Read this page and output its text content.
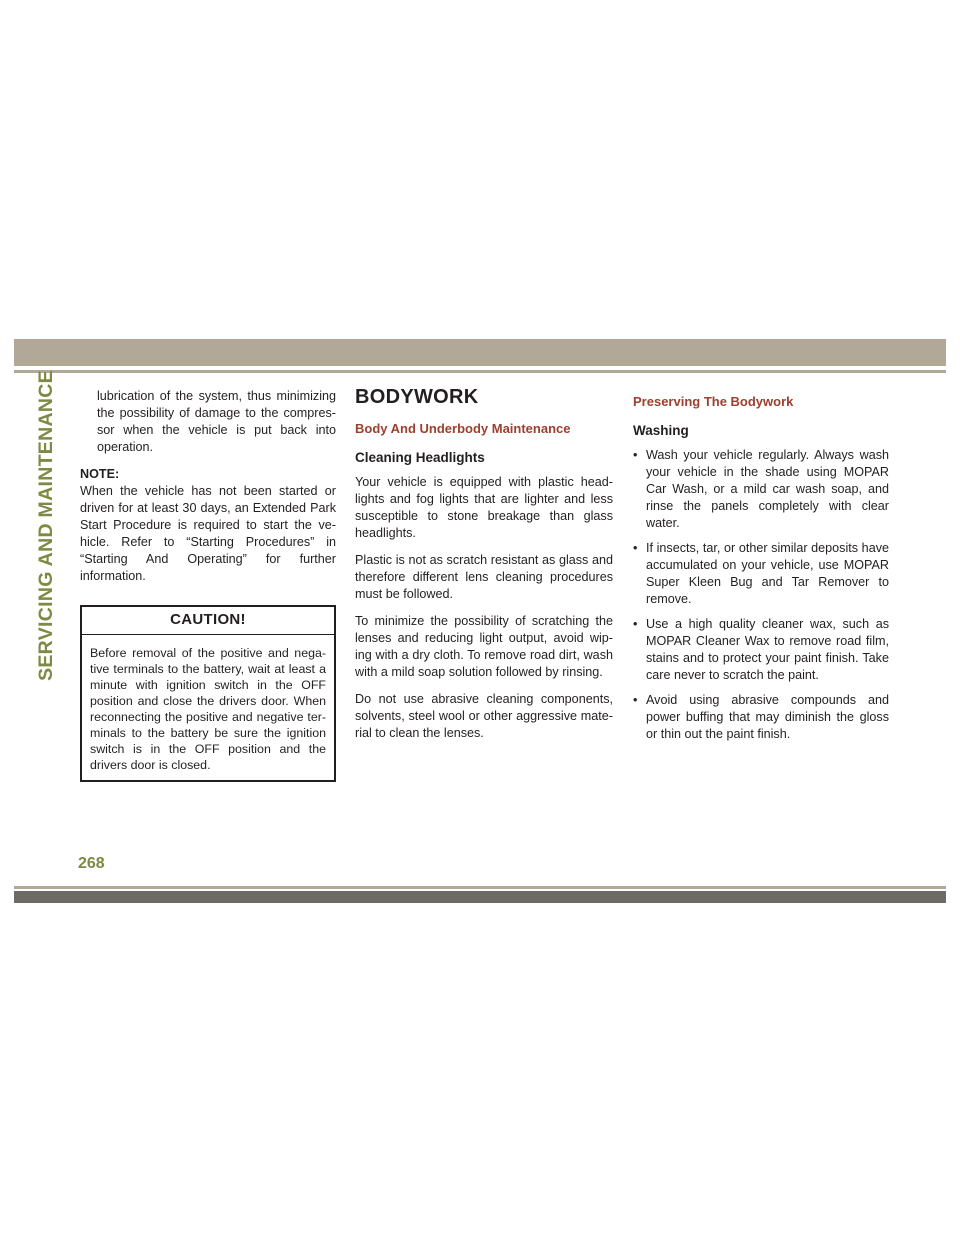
SERVICING AND MAINTENANCE	lubrication of the system, thus minimizing the possibility of damage to the compres-sor when the vehicle is put back into operation.

NOTE:

When the vehicle has not been started or driven for at least 30 days, an Extended Park Start Procedure is required to start the ve-hicle. Refer to “Starting Procedures” in “Starting And Operating” for further information.

CAUTION!

Before removal of the positive and nega-tive terminals to the battery, wait at least a minute with ignition switch in the OFF position and close the drivers door. When reconnecting the positive and negative ter-minals to the battery be sure the ignition switch is in the OFF position and the drivers door is closed.

BODYWORK
Body And Underbody Maintenance
Cleaning Headlights

Your vehicle is equipped with plastic head-lights and fog lights that are lighter and less susceptible to stone breakage than glass headlights.

Plastic is not as scratch resistant as glass and therefore different lens cleaning procedures must be followed.

To minimize the possibility of scratching the lenses and reducing light output, avoid wip-ing with a dry cloth. To remove road dirt, wash with a mild soap solution followed by rinsing.

Do not use abrasive cleaning components, solvents, steel wool or other aggressive mate-rial to clean the lenses.

Preserving The Bodywork
Washing
• Wash your vehicle regularly. Always wash your vehicle in the shade using MOPAR Car Wash, or a mild car wash soap, and rinse the panels completely with clear water.
• If insects, tar, or other similar deposits have accumulated on your vehicle, use MOPAR Super Kleen Bug and Tar Remover to remove.
• Use a high quality cleaner wax, such as MOPAR Cleaner Wax to remove road film, stains and to protect your paint finish. Take care never to scratch the paint.
• Avoid using abrasive compounds and power buffing that may diminish the gloss or thin out the paint finish.
268
